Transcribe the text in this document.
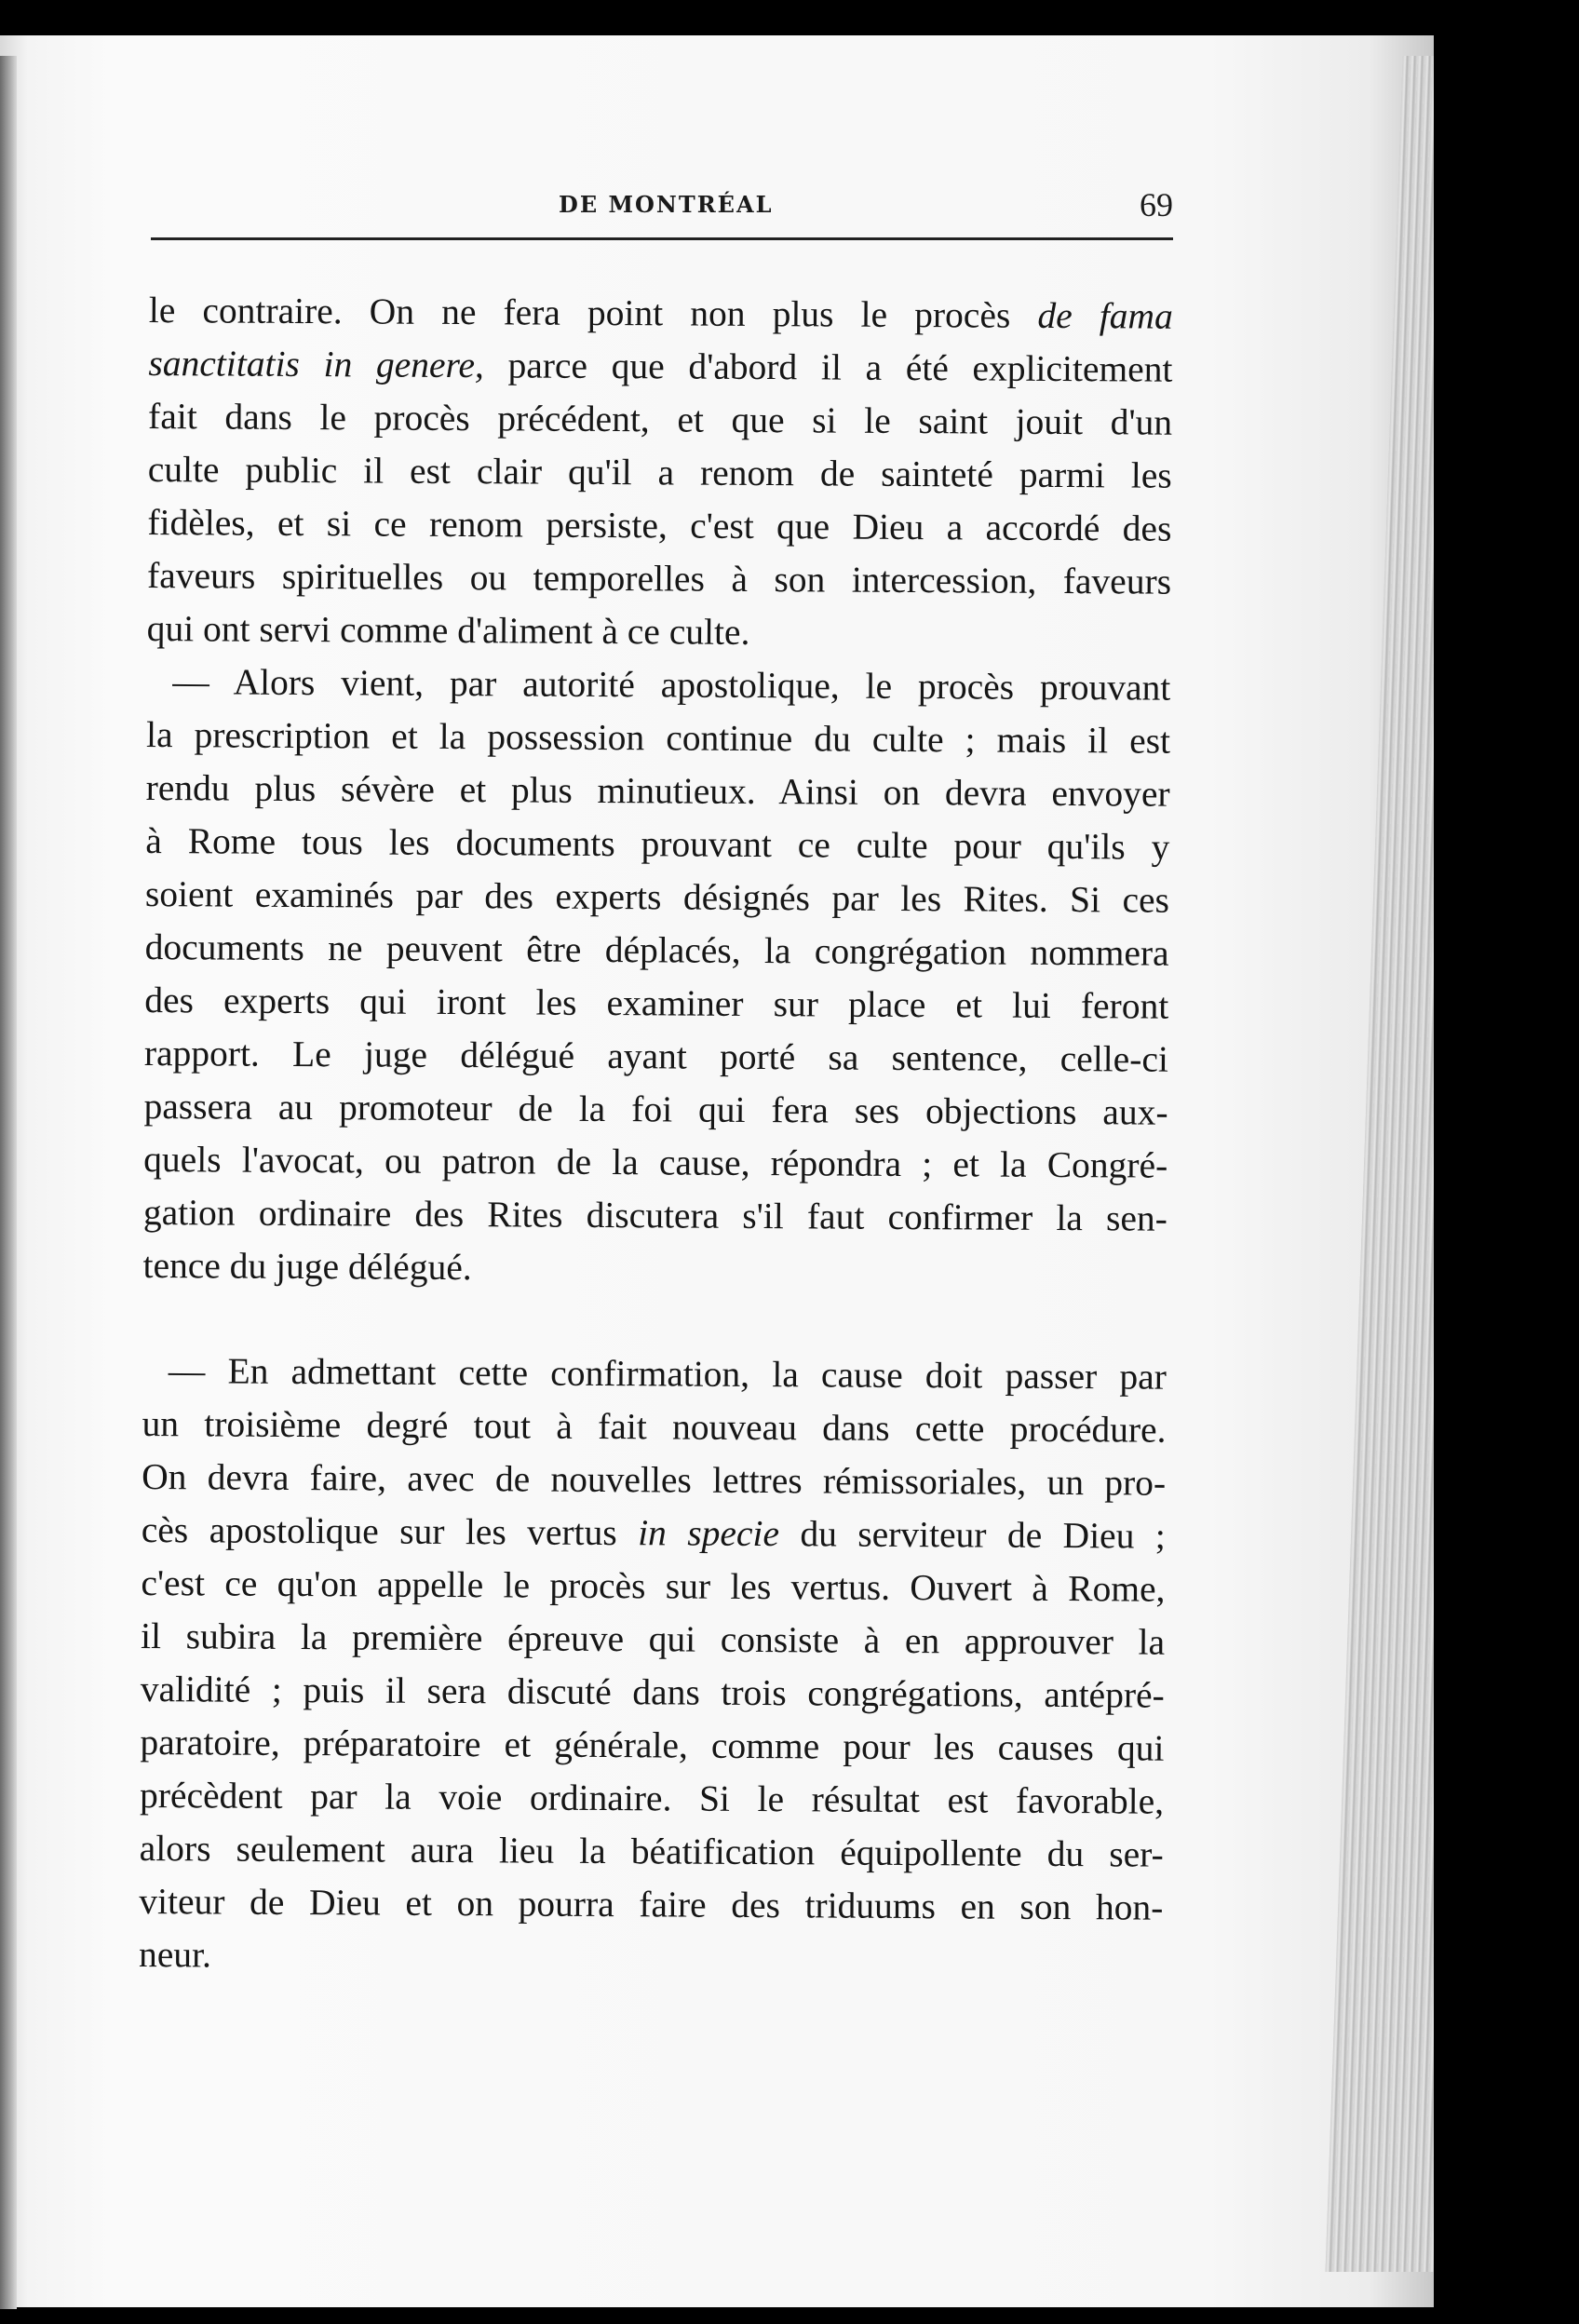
DE MONTRÉAL	69
le contraire. On ne fera point non plus le procès de fama
sanctitatis in genere, parce que d'abord il a été explicitement
fait dans le procès précédent, et que si le saint jouit d'un
culte public il est clair qu'il a renom de sainteté parmi les
fidèles, et si ce renom persiste, c'est que Dieu a accordé des
faveurs spirituelles ou temporelles à son intercession, faveurs
qui ont servi comme d'aliment à ce culte.
— Alors vient, par autorité apostolique, le procès prouvant
la prescription et la possession continue du culte ; mais il est
rendu plus sévère et plus minutieux. Ainsi on devra envoyer
à Rome tous les documents prouvant ce culte pour qu'ils y
soient examinés par des experts désignés par les Rites. Si ces
documents ne peuvent être déplacés, la congrégation nommera
des experts qui iront les examiner sur place et lui feront
rapport. Le juge délégué ayant porté sa sentence, celle-ci
passera au promoteur de la foi qui fera ses objections aux-
quels l'avocat, ou patron de la cause, répondra ; et la Congré-
gation ordinaire des Rites discutera s'il faut confirmer la sen-
tence du juge délégué.
— En admettant cette confirmation, la cause doit passer par
un troisième degré tout à fait nouveau dans cette procédure.
On devra faire, avec de nouvelles lettres rémissoriales, un pro-
cès apostolique sur les vertus in specie du serviteur de Dieu ;
c'est ce qu'on appelle le procès sur les vertus. Ouvert à Rome,
il subira la première épreuve qui consiste à en approuver la
validité ; puis il sera discuté dans trois congrégations, antépré-
paratoire, préparatoire et générale, comme pour les causes qui
précèdent par la voie ordinaire. Si le résultat est favorable,
alors seulement aura lieu la béatification équipollente du ser-
viteur de Dieu et on pourra faire des triduums en son hon-
neur.
